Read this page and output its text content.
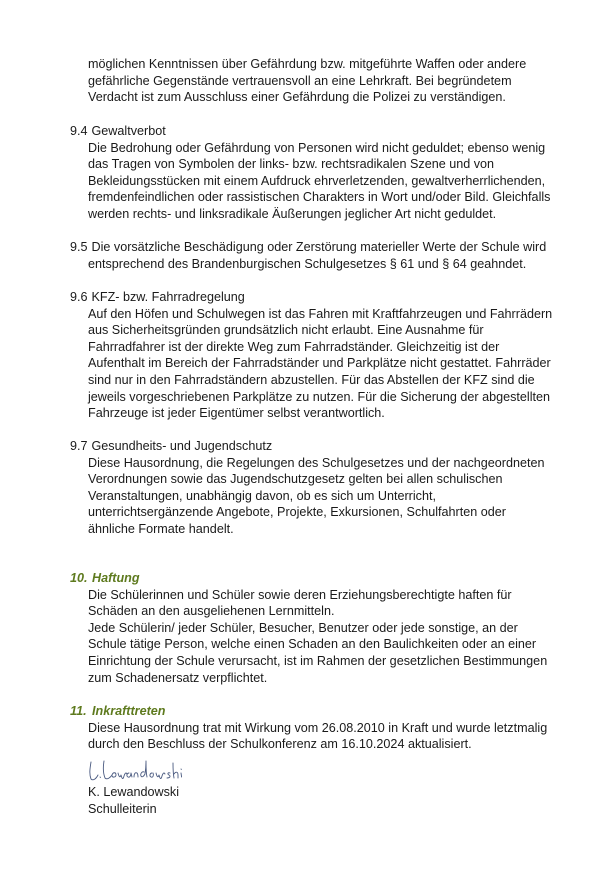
möglichen Kenntnissen über Gefährdung bzw. mitgeführte Waffen oder andere
gefährliche Gegenstände vertrauensvoll an eine Lehrkraft. Bei begründetem
Verdacht ist zum Ausschluss einer Gefährdung die Polizei zu verständigen.

9.4 Gewaltverbot

Die Bedrohung oder Gefährdung von Personen wird nicht geduldet; ebenso wenig
das Tragen von Symbolen der links- bzw. rechtsradikalen Szene und von
Bekleidungsstücken mit einem Aufdruck ehrverletzenden, gewaltverherrlichenden,
fremdenfeindlichen oder rassistischen Charakters in Wort und/oder Bild. Gleichfalls
werden rechts- und linksradikale Äußerungen jeglicher Art nicht geduldet.

9.5 Die vorsätzliche Beschädigung oder Zerstörung materieller Werte der Schule wird

entsprechend des Brandenburgischen Schulgesetzes § 61 und § 64 geahndet.

9.6 KFZ- bzw. Fahrradregelung

Auf den Höfen und Schulwegen ist das Fahren mit Kraftfahrzeugen und Fahrrädern
aus Sicherheitsgründen grundsätzlich nicht erlaubt. Eine Ausnahme für
Fahrradfahrer ist der direkte Weg zum Fahrradständer. Gleichzeitig ist der
Aufenthalt im Bereich der Fahrradständer und Parkplätze nicht gestattet. Fahrräder
sind nur in den Fahrradständern abzustellen. Für das Abstellen der KFZ sind die
jeweils vorgeschriebenen Parkplätze zu nutzen. Für die Sicherung der abgestellten
Fahrzeuge ist jeder Eigentümer selbst verantwortlich.

9.7 Gesundheits- und Jugendschutz

Diese Hausordnung, die Regelungen des Schulgesetzes und der nachgeordneten
Verordnungen sowie das Jugendschutzgesetz gelten bei allen schulischen
Veranstaltungen, unabhängig davon, ob es sich um Unterricht,
unterrichtsergänzende Angebote, Projekte, Exkursionen, Schulfahrten oder
ähnliche Formate handelt.

10. Haftung

Die Schülerinnen und Schüler sowie deren Erziehungsberechtigte haften für
Schäden an den ausgeliehenen Lernmitteln.
Jede Schülerin/ jeder Schüler, Besucher, Benutzer oder jede sonstige, an der
Schule tätige Person, welche einen Schaden an den Baulichkeiten oder an einer
Einrichtung der Schule verursacht, ist im Rahmen der gesetzlichen Bestimmungen
zum Schadenersatz verpflichtet.

11. Inkrafttreten

Diese Hausordnung trat mit Wirkung vom 26.08.2010 in Kraft und wurde letztmalig
durch den Beschluss der Schulkonferenz am 16.10.2024 aktualisiert.

K. Lewandowski

K. Lewandowski

Schulleiterin
